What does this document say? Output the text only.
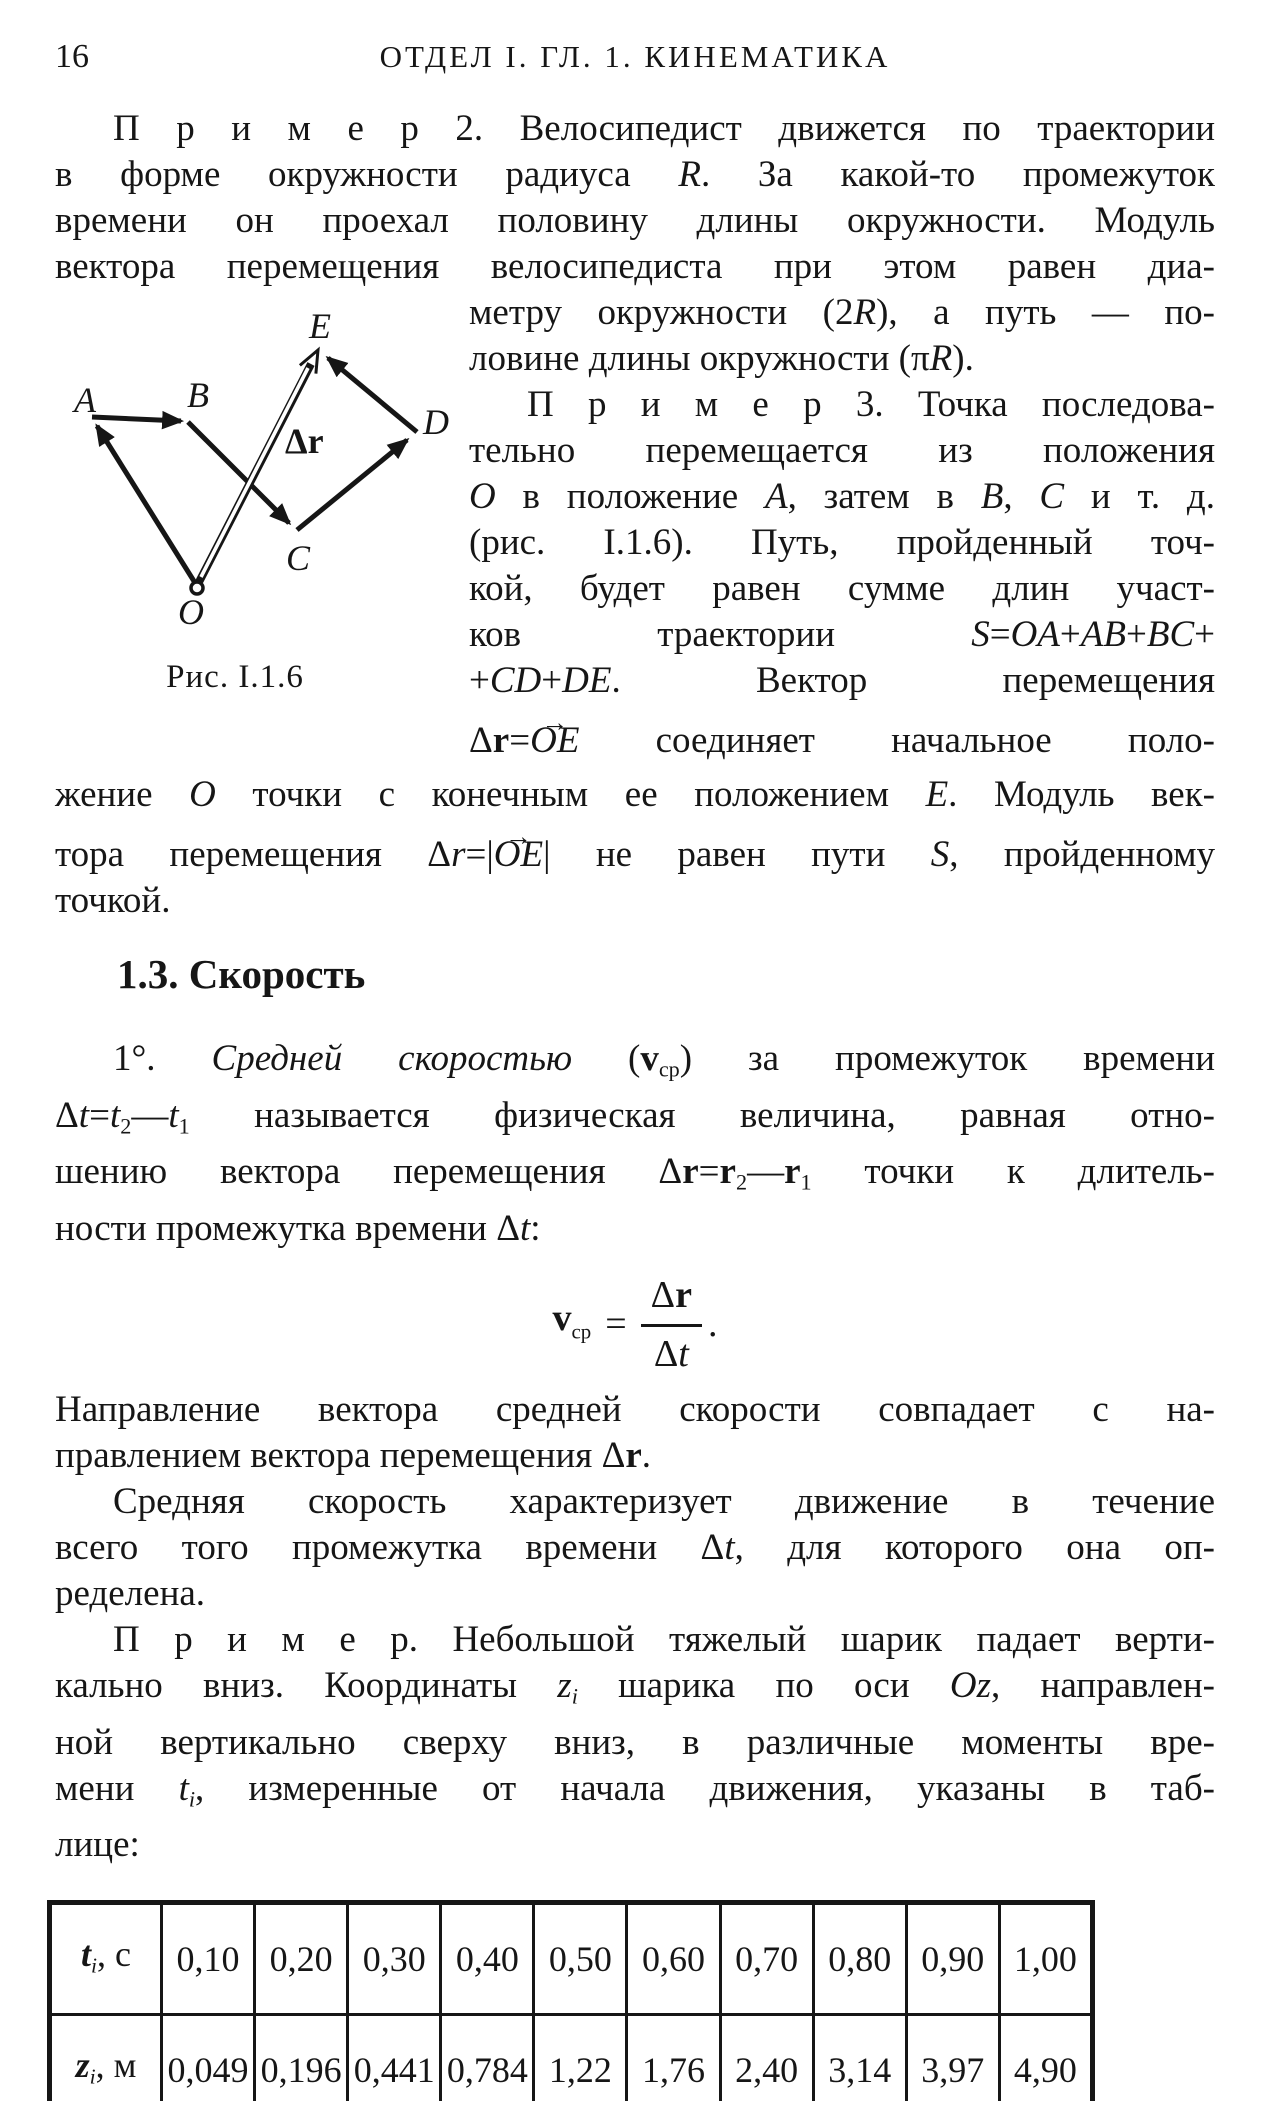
16	ОТДЕЛ I. ГЛ. 1. КИНЕМАТИКА
П р и м е р 2. Велосипедист движется по траектории
в форме окружности радиуса R. За какой-то промежуток
времени он проехал половину длины окружности. Модуль
вектора перемещения велосипедиста при этом равен диа-
A	B
E
D
C
O
Δr
Рис. I.1.6
метру окружности (2R), а путь — по-
ловине длины окружности (πR).
П р и м е р 3. Точка последова-
тельно перемещается из положения
O в положение A, затем в B, C и т. д.
(рис. I.1.6). Путь, пройденный точ-
кой, будет равен сумме длин участ-
ков траектории S=OA+AB+BC+
+CD+DE. Вектор перемещения
Δr=→ OE соединяет начальное поло-
жение O точки с конечным ее положением E. Модуль век-
тора перемещения Δr=|→ OE| не равен пути S, пройденному
точкой.
1.3. Скорость
1°. Средней скоростью (vср) за промежуток времени
Δt=t2—t1 называется физическая величина, равная отно-
шению вектора перемещения Δr=r2—r1 точки к длитель-
ности промежутка времени Δt:
$v_{ср} = \frac{\Delta r}{\Delta t}$ .
Направление вектора средней скорости совпадает с на-
правлением вектора перемещения Δr.
Средняя скорость характеризует движение в течение
всего того промежутка времени Δt, для которого она оп-
ределена.
П р и м е р. Небольшой тяжелый шарик падает верти-
кально вниз. Координаты zi шарика по оси Oz, направлен-
ной вертикально сверху вниз, в различные моменты вре-
мени ti, измеренные от начала движения, указаны в таб-
лице:
ti, с	0,10	0,20	0,30	0,40	0,50	0,60	0,70	0,80	0,90	1,00
zi, м	0,049	0,196	0,441	0,784	1,22	1,76	2,40	3,14	3,97	4,90
